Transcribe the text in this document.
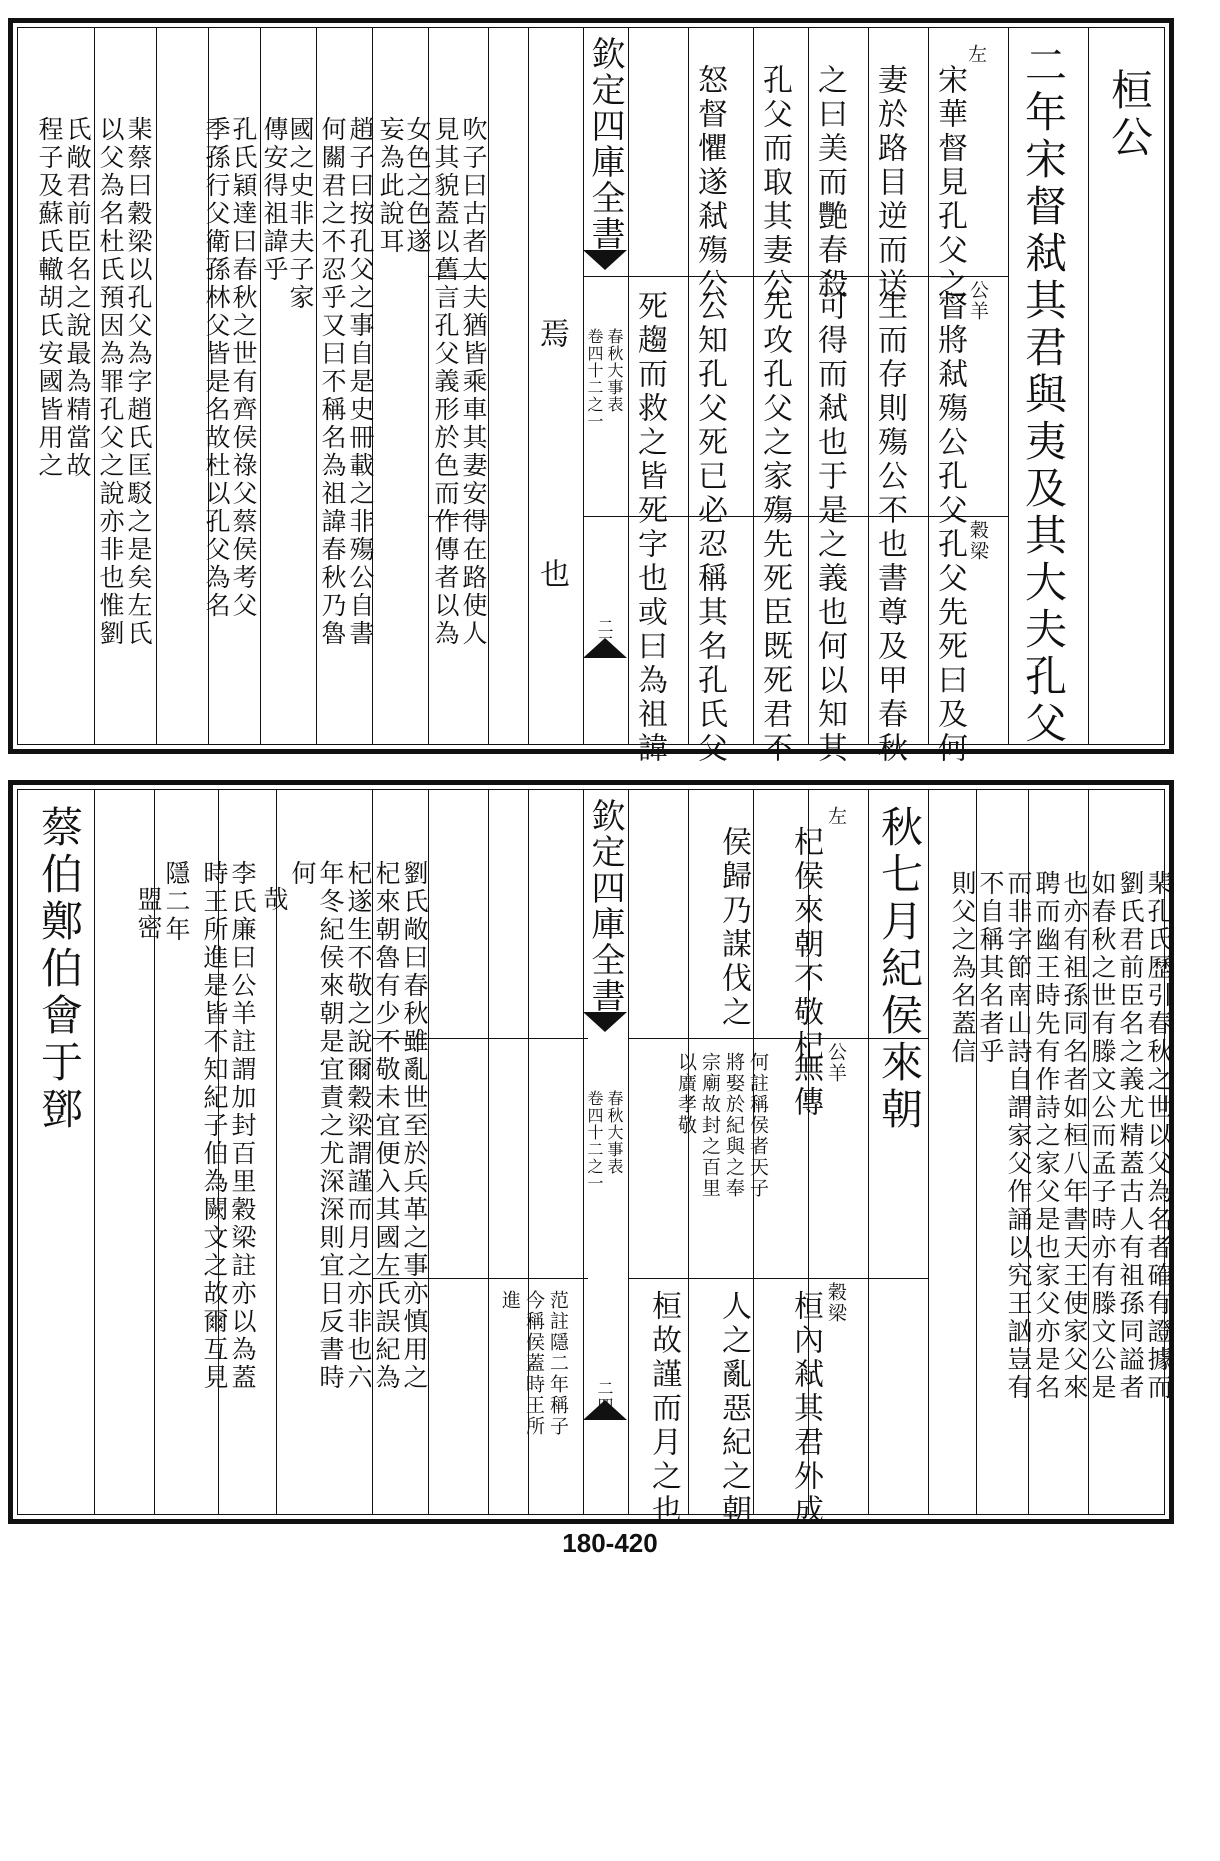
桓公
二年宋督弒其君與夷及其大夫孔父
左
宋華督見孔父之
妻於路目逆而送
之曰美而艷春殺
孔父而取其妻公
怒督懼遂弒殤公	公羊
督將弒殤公孔父
生而存則殤公不
可得而弒也于是
先攻孔父之家殤
公知孔父死已必
死趨而救之皆死
穀梁
孔父先死曰及何
也書尊及甲春秋
之義也何以知其
先死臣既死君不
忍稱其名孔氏父
字也或曰為祖諱
欽定四庫全書
春秋大事表
卷四十二之一
二三
焉
也
吹子曰古者大夫猶皆乘車其妻安得在路使人
見其貌蓋以舊言孔父義形於色而作傳者以為
女色之色遂
妄為此說耳
趙子曰按孔父之事自是史冊載之非殤公自書
何關君之不忍乎又曰不稱名為祖諱春秋乃魯
國之史非夫子家
傳安得祖諱乎
孔氏穎達曰春秋之世有齊侯祿父蔡侯考父
季孫行父衛孫林父皆是名故杜以孔父為名
棐蔡曰穀梁以孔父為字趙氏匡駁之是矣左氏
以父為名杜氏預因為罪孔父之說亦非也惟劉
氏敞君前臣名之說最為精當故
程子及蘇氏轍胡氏安國皆用之
棐孔氏歷引春秋之世以父為名者確有證據而
劉氏君前臣名之義尤精蓋古人有祖孫同謚者
如春秋之世有滕文公而孟子時亦有滕文公是
也亦有祖孫同名者如桓八年書天王使家父來
聘而幽王時先有作詩之家父是也家父亦是名
而非字節南山詩自謂家父作誦以究王訩豈有
不自稱其名者乎
則父之為名蓋信
秋七月紀侯來朝
左
杞侯來朝不敬杞
侯歸乃謀伐之
公羊
無傳
何註稱侯者天子
將娶於紀與之奉
宗廟故封之百里
以廣孝敬
穀梁
桓內弒其君外成
人之亂惡紀之朝
桓故謹而月之也
欽定四庫全書
春秋大事表
卷四十二之一
二四
范註隱二年稱子
今稱侯蓋時王所
進
劉氏敞曰春秋雖亂世至於兵革之事亦慎用之
杞來朝魯有少不敬未宜便入其國左氏誤紀為
杞遂生不敬之說爾穀梁謂謹而月之亦非也六
年冬紀侯來朝是宜責之尤深深則宜日反書時
何
哉
李氏廉曰公羊註謂加封百里穀梁註亦以為蓋
時王所進是皆不知紀子伯為闕文之故爾互見
隱二年
盟密
蔡伯鄭伯會于鄧
180-420
